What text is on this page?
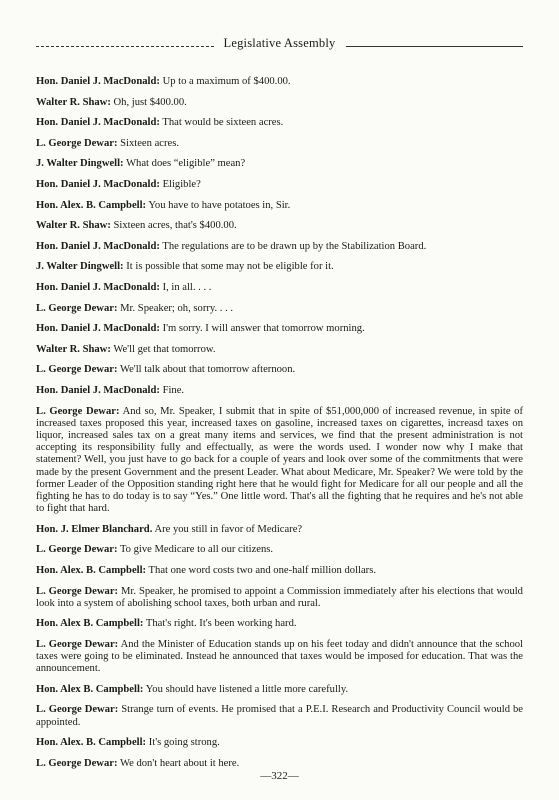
Legislative Assembly

Hon. Daniel J. MacDonald: Up to a maximum of $400.00.

Walter R. Shaw: Oh, just $400.00.

Hon. Daniel J. MacDonald: That would be sixteen acres.

L. George Dewar: Sixteen acres.

J. Walter Dingwell: What does “eligible” mean?

Hon. Daniel J. MacDonald: Eligible?

Hon. Alex. B. Campbell: You have to have potatoes in, Sir.

Walter R. Shaw: Sixteen acres, that's $400.00.

Hon. Daniel J. MacDonald: The regulations are to be drawn up by the Stabilization Board.

J. Walter Dingwell: It is possible that some may not be eligible for it.

Hon. Daniel J. MacDonald: I, in all. . . .

L. George Dewar: Mr. Speaker; oh, sorry. . . .

Hon. Daniel J. MacDonald: I'm sorry. I will answer that tomorrow morning.

Walter R. Shaw: We'll get that tomorrow.

L. George Dewar: We'll talk about that tomorrow afternoon.

Hon. Daniel J. MacDonald: Fine.

L. George Dewar: And so, Mr. Speaker, I submit that in spite of $51,000,000 of increased revenue, in spite of increased taxes proposed this year, increased taxes on gasoline, increased taxes on cigarettes, increasd taxes on liquor, increased sales tax on a great many items and services, we find that the present administration is not accepting its responsibility fully and effectually, as were the words used. I wonder now why I make that statement? Well, you just have to go back for a couple of years and look over some of the commitments that were made by the present Government and the present Leader. What about Medicare, Mr. Speaker? We were told by the former Leader of the Opposition standing right here that he would fight for Medicare for all our people and all the fighting he has to do today is to say “Yes.” One little word. That's all the fighting that he requires and he's not able to fight that hard.

Hon. J. Elmer Blanchard. Are you still in favor of Medicare?

L. George Dewar: To give Medicare to all our citizens.

Hon. Alex. B. Campbell: That one word costs two and one-half million dollars.

L. George Dewar: Mr. Speaker, he promised to appoint a Commission immediately after his elections that would look into a system of abolishing school taxes, both urban and rural.

Hon. Alex B. Campbell: That's right. It's been working hard.

L. George Dewar: And the Minister of Education stands up on his feet today and didn't announce that the school taxes were going to be eliminated. Instead he announced that taxes would be imposed for education. That was the announcement.

Hon. Alex B. Campbell: You should have listened a little more carefully.

L. George Dewar: Strange turn of events. He promised that a P.E.I. Research and Productivity Council would be appointed.

Hon. Alex. B. Campbell: It's going strong.

L. George Dewar: We don't heart about it here.

—322—
